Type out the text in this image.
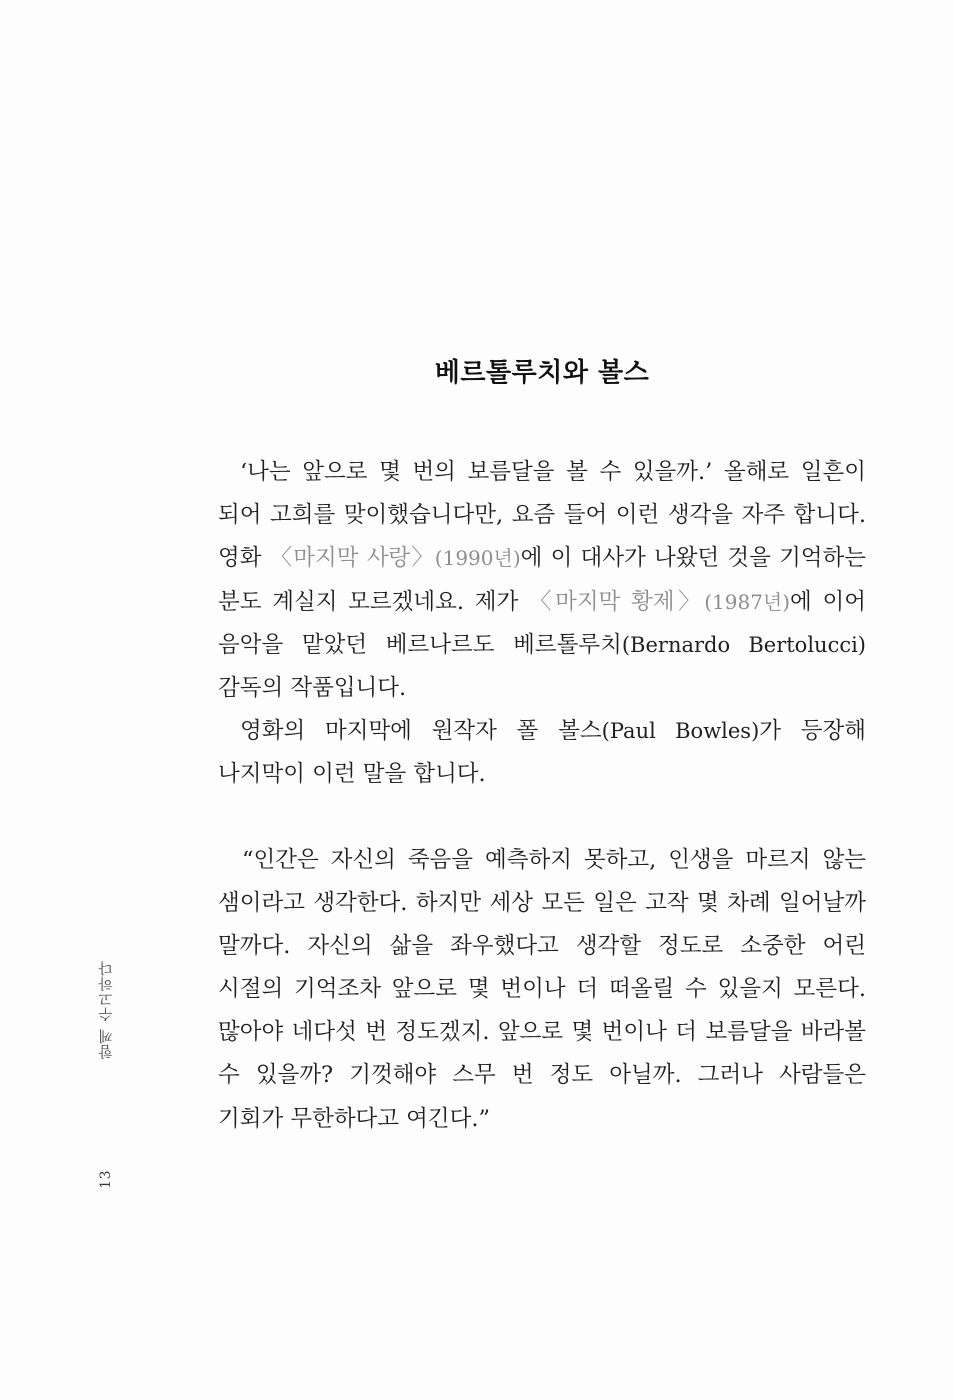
함께 수고하다
13
베르톨루치와 볼스

‘나는 앞으로 몇 번의 보름달을 볼 수 있을까.’ 올해로 일흔이 되어 고희를 맞이했습니다만, 요즘 들어 이런 생각을 자주 합니다. 영화 〈마지막 사랑〉(1990년)에 이 대사가 나왔던 것을 기억하는 분도 계실지 모르겠네요. 제가 〈마지막 황제〉(1987년)에 이어 음악을 맡았던 베르나르도 베르톨루치(Bernardo Bertolucci) 감독의 작품입니다.

영화의 마지막에 원작자 폴 볼스(Paul Bowles)가 등장해 나지막이 이런 말을 합니다.

“인간은 자신의 죽음을 예측하지 못하고, 인생을 마르지 않는 샘이라고 생각한다. 하지만 세상 모든 일은 고작 몇 차례 일어날까 말까다. 자신의 삶을 좌우했다고 생각할 정도로 소중한 어린 시절의 기억조차 앞으로 몇 번이나 더 떠올릴 수 있을지 모른다. 많아야 네다섯 번 정도겠지. 앞으로 몇 번이나 더 보름달을 바라볼 수 있을까? 기껏해야 스무 번 정도 아닐까. 그러나 사람들은 기회가 무한하다고 여긴다.”
